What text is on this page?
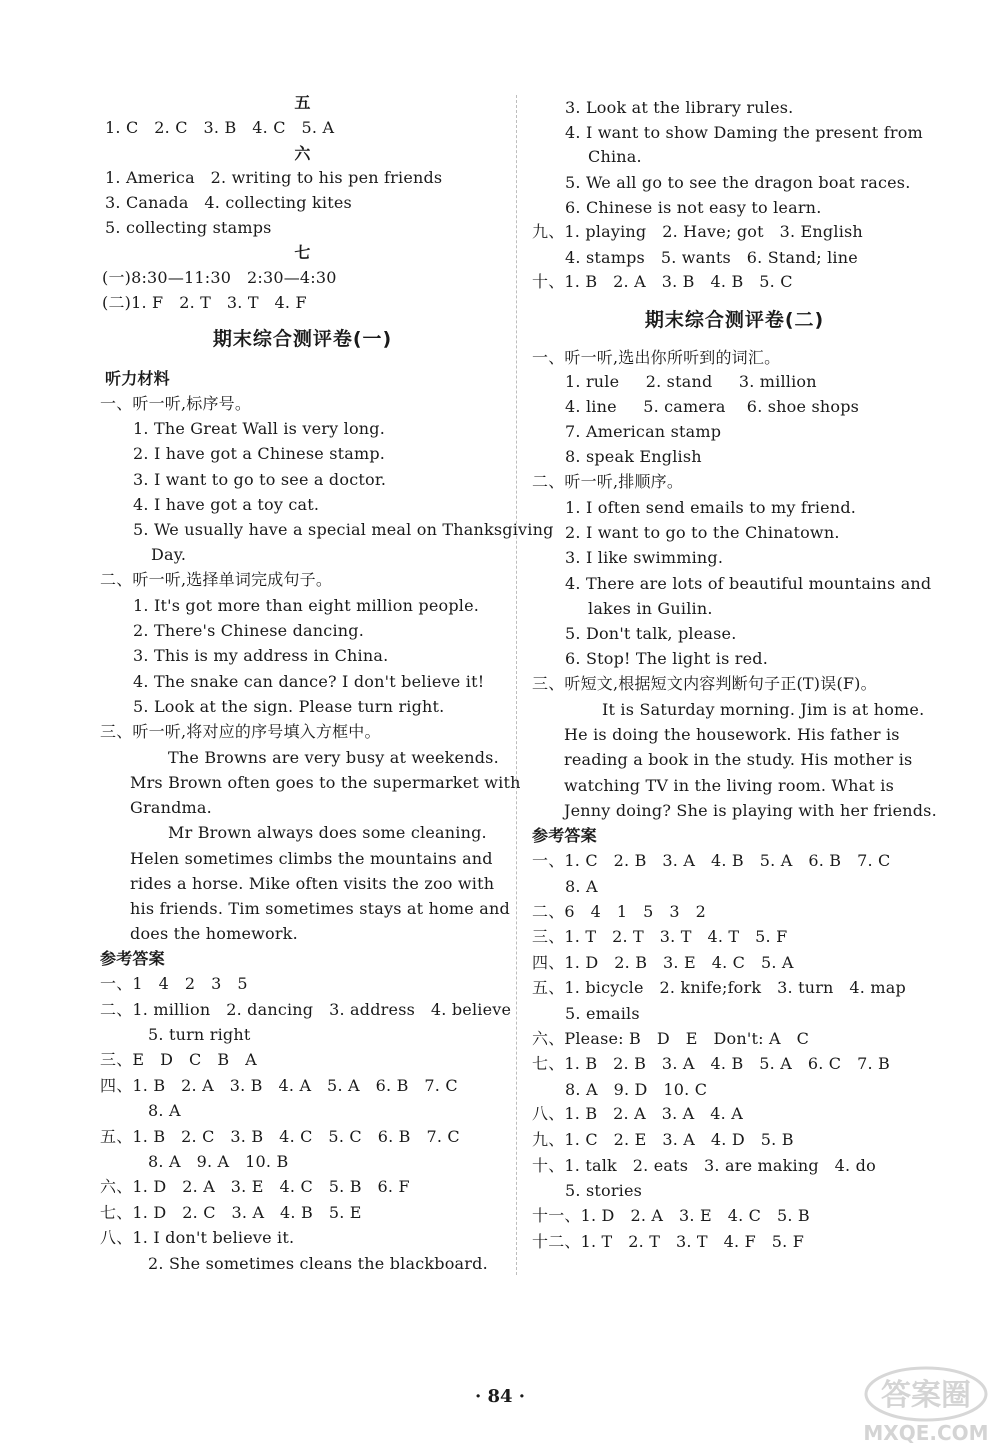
五
1. C   2. C   3. B   4. C   5. A
六
1. America   2. writing to his pen friends
3. Canada   4. collecting kites
5. collecting stamps
七
(一)8:30—11:30   2:30—4:30
(二)1. F   2. T   3. T   4. F
期末综合测评卷(一)
听力材料
一、听一听,标序号。
1. The Great Wall is very long.
2. I have got a Chinese stamp.
3. I want to go to see a doctor.
4. I have got a toy cat.
5. We usually have a special meal on Thanksgiving
Day.
二、听一听,选择单词完成句子。
1. It's got more than eight million people.
2. There's Chinese dancing.
3. This is my address in China.
4. The snake can dance? I don't believe it!
5. Look at the sign. Please turn right.
三、听一听,将对应的序号填入方框中。
The Browns are very busy at weekends.
Mrs Brown often goes to the supermarket with
Grandma.
Mr Brown always does some cleaning.
Helen sometimes climbs the mountains and
rides a horse. Mike often visits the zoo with
his friends. Tim sometimes stays at home and
does the homework.
参考答案
一、1   4   2   3   5
二、1. million   2. dancing   3. address   4. believe
5. turn right
三、E   D   C   B   A
四、1. B   2. A   3. B   4. A   5. A   6. B   7. C
8. A
五、1. B   2. C   3. B   4. C   5. C   6. B   7. C
8. A   9. A   10. B
六、1. D   2. A   3. E   4. C   5. B   6. F
七、1. D   2. C   3. A   4. B   5. E
八、1. I don't believe it.
2. She sometimes cleans the blackboard.
3. Look at the library rules.
4. I want to show Daming the present from
China.
5. We all go to see the dragon boat races.
6. Chinese is not easy to learn.
九、1. playing   2. Have; got   3. English
4. stamps   5. wants   6. Stand; line
十、1. B   2. A   3. B   4. B   5. C
期末综合测评卷(二)
一、听一听,选出你所听到的词汇。
1. rule     2. stand     3. million
4. line     5. camera    6. shoe shops
7. American stamp
8. speak English
二、听一听,排顺序。
1. I often send emails to my friend.
2. I want to go to the Chinatown.
3. I like swimming.
4. There are lots of beautiful mountains and
lakes in Guilin.
5. Don't talk, please.
6. Stop! The light is red.
三、听短文,根据短文内容判断句子正(T)误(F)。
It is Saturday morning. Jim is at home.
He is doing the housework. His father is
reading a book in the study. His mother is
watching TV in the living room. What is
Jenny doing? She is playing with her friends.
参考答案
一、1. C   2. B   3. A   4. B   5. A   6. B   7. C
8. A
二、6   4   1   5   3   2
三、1. T   2. T   3. T   4. T   5. F
四、1. D   2. B   3. E   4. C   5. A
五、1. bicycle   2. knife;fork   3. turn   4. map
5. emails
六、Please: B   D   E   Don't: A   C
七、1. B   2. B   3. A   4. B   5. A   6. C   7. B
8. A   9. D   10. C
八、1. B   2. A   3. A   4. A
九、1. C   2. E   3. A   4. D   5. B
十、1. talk   2. eats   3. are making   4. do
5. stories
十一、1. D   2. A   3. E   4. C   5. B
十二、1. T   2. T   3. T   4. F   5. F
· 84 ·	答案圈
MXQE.COM
